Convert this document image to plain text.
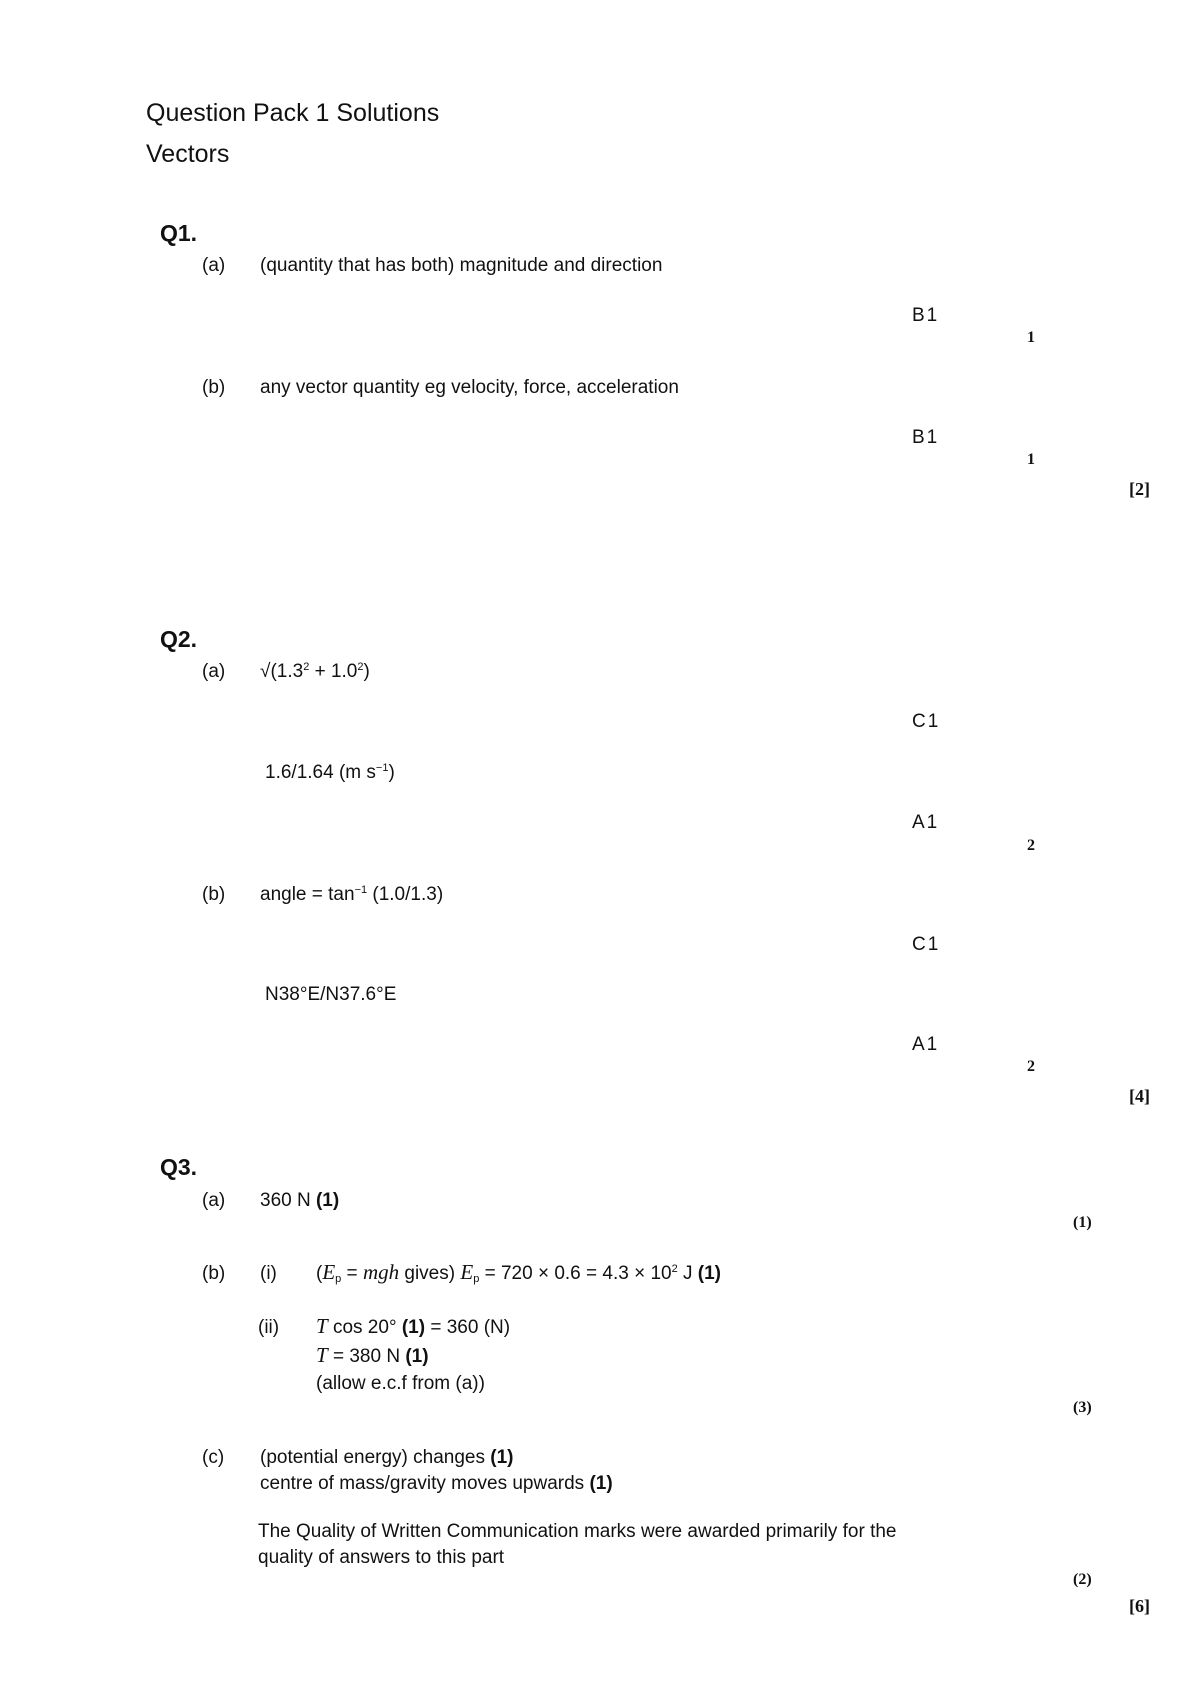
Question Pack 1 Solutions
Vectors
Q1.
(a) (quantity that has both) magnitude and direction
B1
1
(b) any vector quantity eg velocity, force, acceleration
B1
1
[2]
Q2.
(a) $√(1.3^2 + 1.0^2)$
C1
1.6/1.64 (m $s^{-1}$)
A1
2
(b) angle = $\tan^{-1} (1.0/1.3)$
C1
N38°E/N37.6°E
A1
2
[4]
Q3.
(a) 360 N (1)
(1)
(b) (i) ($E_p$ = mgh gives) $E_p = 720 \times 0.6 = 4.3 \times 10^2$ J (1)
(ii) T cos 20° (1) = 360 (N)
T = 380 N (1)
(allow e.c.f from (a))
(3)
(c) (potential energy) changes (1)
centre of mass/gravity moves upwards (1)
The Quality of Written Communication marks were awarded primarily for the
quality of answers to this part
(2)
[6]
